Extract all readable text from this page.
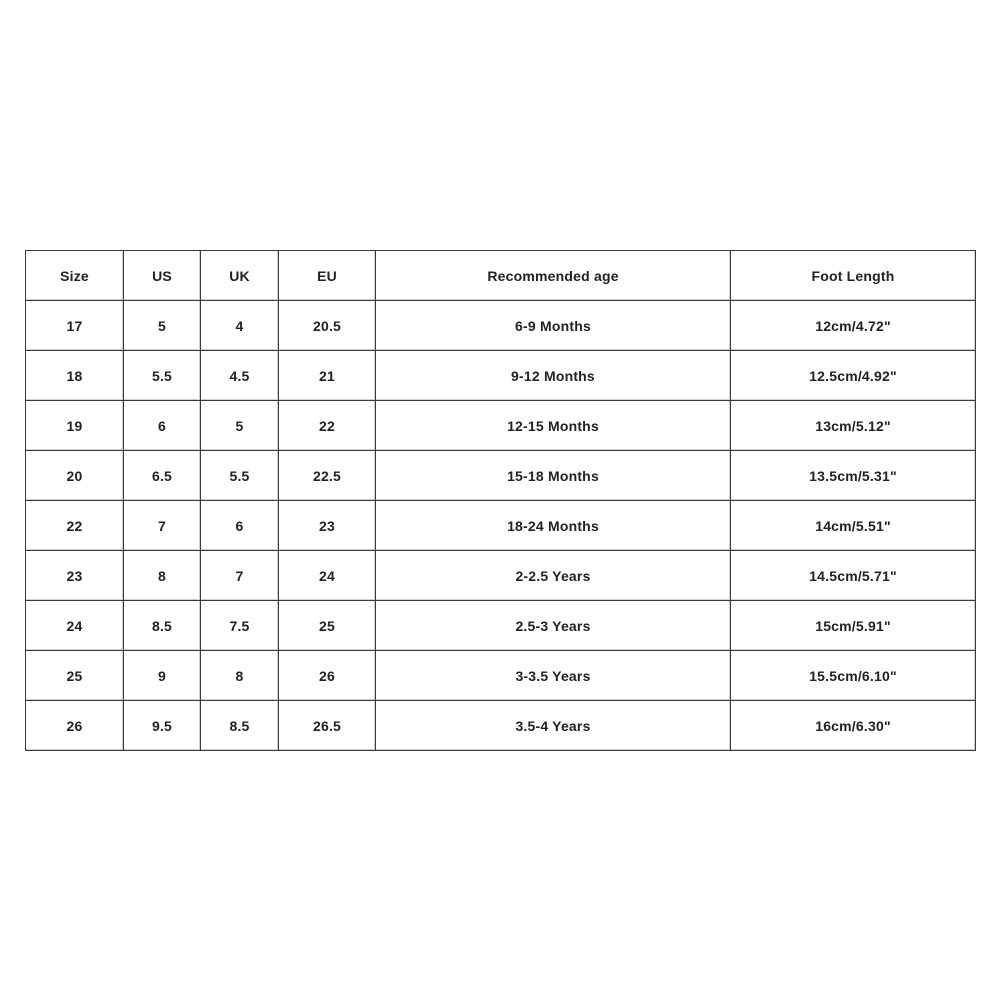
Size	US	UK	EU	Recommended age	Foot Length
17	5	4	20.5	6-9 Months	12cm/4.72"
18	5.5	4.5	21	9-12 Months	12.5cm/4.92"
19	6	5	22	12-15 Months	13cm/5.12"
20	6.5	5.5	22.5	15-18 Months	13.5cm/5.31"
22	7	6	23	18-24 Months	14cm/5.51"
23	8	7	24	2-2.5 Years	14.5cm/5.71"
24	8.5	7.5	25	2.5-3 Years	15cm/5.91"
25	9	8	26	3-3.5 Years	15.5cm/6.10"
26	9.5	8.5	26.5	3.5-4 Years	16cm/6.30"
